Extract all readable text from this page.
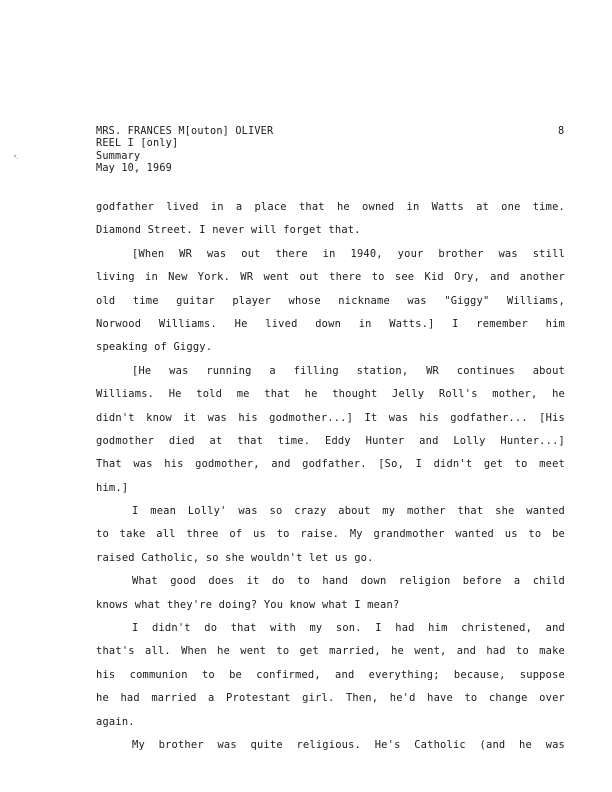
MRS. FRANCES M[outon] OLIVER
REEL I [only]
Summary
May 10, 1969
8
godfather lived in a place that he owned in Watts at one time.
Diamond Street. I never will forget that.
[When WR was out there in 1940, your brother was still
living in New York. WR went out there to see Kid Ory, and another
old time guitar player whose nickname was "Giggy" Williams,
Norwood Williams. He lived down in Watts.] I remember him
speaking of Giggy.
[He was running a filling station, WR continues about
Williams. He told me that he thought Jelly Roll's mother, he
didn't know it was his godmother...] It was his godfather... [His
godmother died at that time. Eddy Hunter and Lolly Hunter...]
That was his godmother, and godfather. [So, I didn't get to meet
him.]
I mean Lolly' was so crazy about my mother that she wanted
to take all three of us to raise. My grandmother wanted us to be
raised Catholic, so she wouldn't let us go.
What good does it do to hand down religion before a child
knows what they're doing? You know what I mean?
I didn't do that with my son. I had him christened, and
that's all. When he went to get married, he went, and had to make
his communion to be confirmed, and everything; because, suppose
he had married a Protestant girl. Then, he'd have to change over
again.
My brother was quite religious. He's Catholic (and he was
